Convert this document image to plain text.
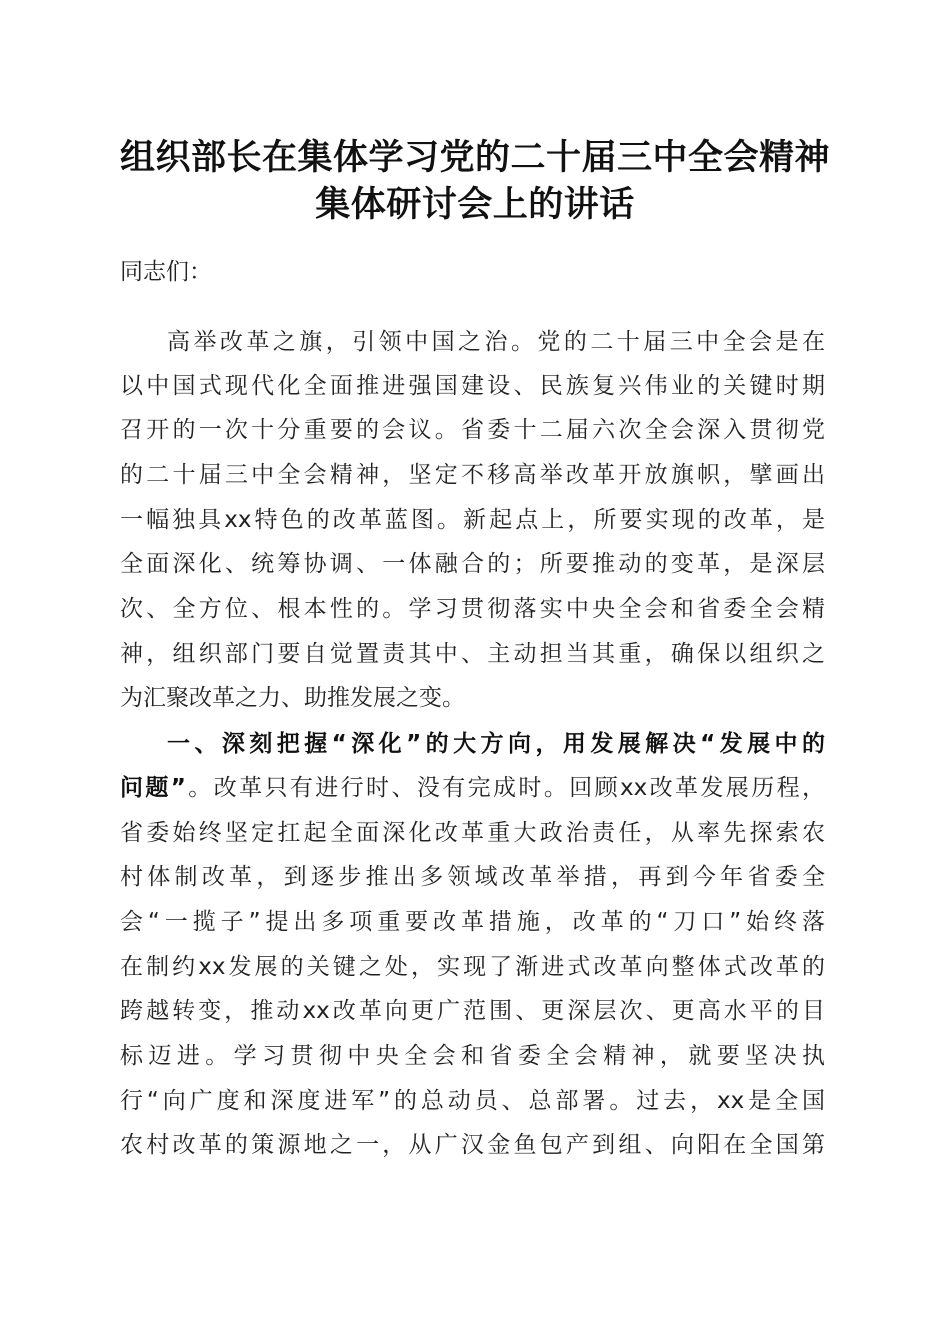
组织部长在集体学习党的二十届三中全会精神
集体研讨会上的讲话
同志们：
高举改革之旗，引领中国之治。党的二十届三中全会是在
以中国式现代化全面推进强国建设、民族复兴伟业的关键时期
召开的一次十分重要的会议。省委十二届六次全会深入贯彻党
的二十届三中全会精神，坚定不移高举改革开放旗帜，擘画出
一幅独具xx特色的改革蓝图。新起点上，所要实现的改革，是
全面深化、统筹协调、一体融合的；所要推动的变革，是深层
次、全方位、根本性的。学习贯彻落实中央全会和省委全会精
神，组织部门要自觉置责其中、主动担当其重，确保以组织之
为汇聚改革之力、助推发展之变。
一、深刻把握“深化”的大方向，用发展解决“发展中的
问题”。改革只有进行时、没有完成时。回顾xx改革发展历程，
省委始终坚定扛起全面深化改革重大政治责任，从率先探索农
村体制改革，到逐步推出多领域改革举措，再到今年省委全
会“一揽子”提出多项重要改革措施，改革的“刀口”始终落
在制约xx发展的关键之处，实现了渐进式改革向整体式改革的
跨越转变，推动xx改革向更广范围、更深层次、更高水平的目
标迈进。学习贯彻中央全会和省委全会精神，就要坚决执
行“向广度和深度进军”的总动员、总部署。过去，xx是全国
农村改革的策源地之一，从广汉金鱼包产到组、向阳在全国第
